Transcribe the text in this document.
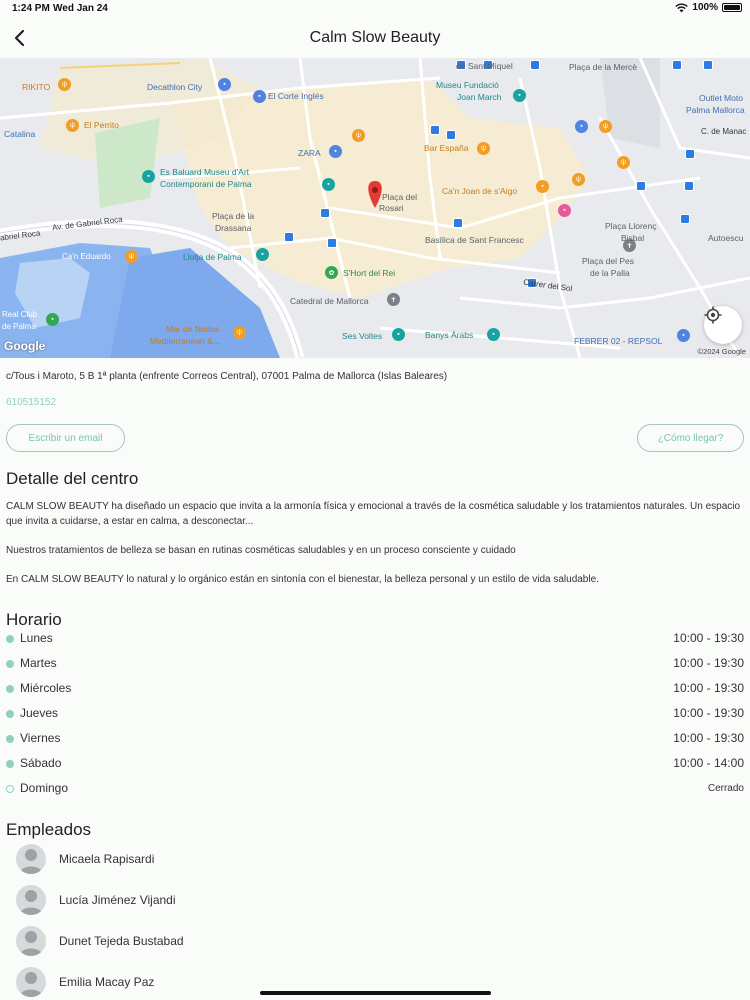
1:24 PM Wed Jan 24	100%
Calm Slow Beauty
ψ	▪
▪	▪
▪	ψ
ψ
ψ
▪	ψ
ψ
▪	ψ
▪
▪
▪
ψ	▪
✿
✝
▪
ψ	▪	▪	▪
✝
RIKITO	Decathlon City
El Corte Inglés
de Sant Miquel	Plaça de la Mercè
Museu Fundació
Joan March	Outlet Moto
Palma Mallorca
C. de Manac
Catalina
El Perrito
ZARA	Bar España
Es Baluard Museu d'Art
Contemporani de Palma
Plaça del
Rosari
Ca'n Joan de s'Aigo
Plaça de la
Drassana
Av. de Gabriel Roca
abriel Roca	Basílica de Sant Francesc
Plaça Llorenç
Bisbal	Autoescu
Ca'n Eduardo	Llotja de Palma
S'Hort del Rei
Plaça del Pes
de la Palla
Carrer del Sol
Real Club
de Palma
Catedral de Mallorca
Mar de Nudos
Mediterranean &...	Ses Voltes	Banys Àrabs
FEBRER 02 - REPSOL
Google	©2024 Google
c/Tous i Maroto, 5 B 1ª planta (enfrente Correos Central), 07001 Palma de Mallorca (Islas Baleares)
610515152
Escribir un email	¿Cómo llegar?
Detalle del centro
CALM SLOW BEAUTY ha diseñado un espacio que invita a la armonía física y emocional a través de la cosmética saludable y los tratamientos naturales. Un espacio que invita a cuidarse, a estar en calma, a desconectar...
Nuestros tratamientos de belleza se basan en rutinas cosméticas saludables y en un proceso consciente y cuidado
En CALM SLOW BEAUTY lo natural y lo orgánico están en sintonía con el bienestar, la belleza personal y un estilo de vida saludable.
Horario
Lunes	10:00 - 19:30
Martes	10:00 - 19:30
Miércoles	10:00 - 19:30
Jueves	10:00 - 19:30
Viernes	10:00 - 19:30
Sábado	10:00 - 14:00
Domingo	Cerrado
Empleados
Micaela Rapisardi
Lucía Jiménez Vijandi
Dunet Tejeda Bustabad
Emilia Macay Paz
